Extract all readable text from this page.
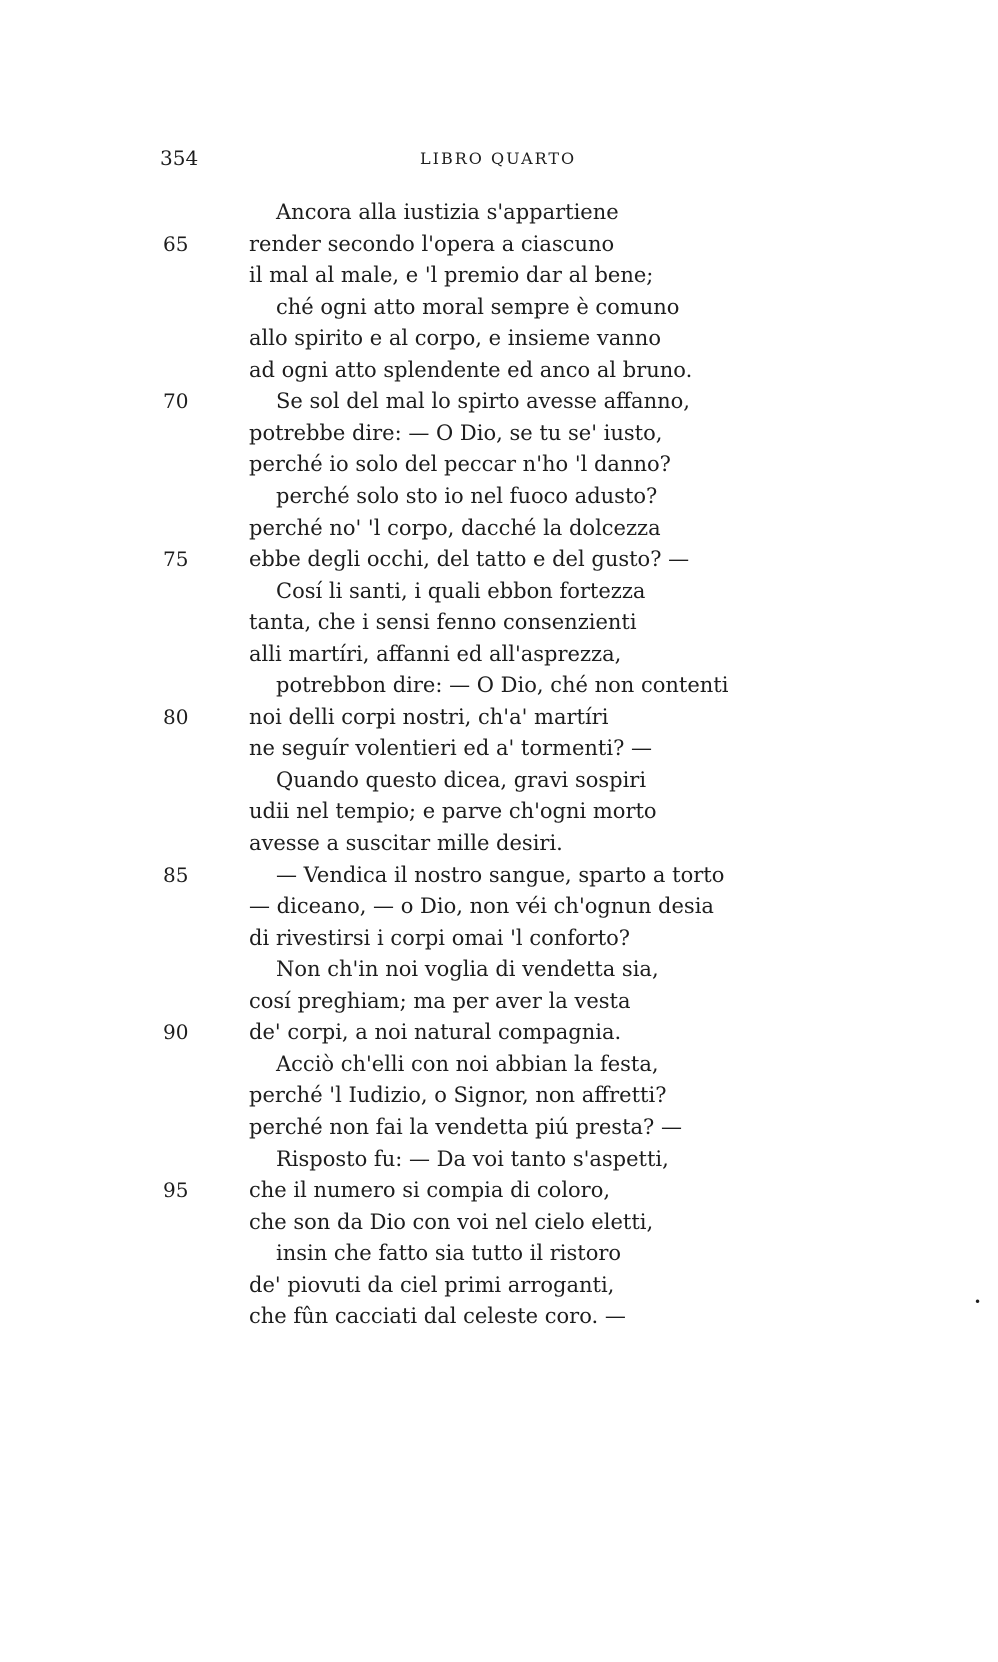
354	LIBRO QUARTO
Ancora alla iustizia s'appartiene
render secondo l'opera a ciascuno
il mal al male, e 'l premio dar al bene;
ché ogni atto moral sempre è comuno
allo spirito e al corpo, e insieme vanno
ad ogni atto splendente ed anco al bruno.
Se sol del mal lo spirto avesse affanno,
potrebbe dire: — O Dio, se tu se' iusto,
perché io solo del peccar n'ho 'l danno?
perché solo sto io nel fuoco adusto?
perché no' 'l corpo, dacché la dolcezza
ebbe degli occhi, del tatto e del gusto? —
Cosí li santi, i quali ebbon fortezza
tanta, che i sensi fenno consenzienti
alli martíri, affanni ed all'asprezza,
potrebbon dire: — O Dio, ché non contenti
noi delli corpi nostri, ch'a' martíri
ne seguír volentieri ed a' tormenti? —
Quando questo dicea, gravi sospiri
udii nel tempio; e parve ch'ogni morto
avesse a suscitar mille desiri.
— Vendica il nostro sangue, sparto a torto
— diceano, — o Dio, non véi ch'ognun desia
di rivestirsi i corpi omai 'l conforto?
Non ch'in noi voglia di vendetta sia,
cosí preghiam; ma per aver la vesta
de' corpi, a noi natural compagnia.
Acciò ch'elli con noi abbian la festa,
perché 'l Iudizio, o Signor, non affretti?
perché non fai la vendetta piú presta? —
Risposto fu: — Da voi tanto s'aspetti,
che il numero si compia di coloro,
che son da Dio con voi nel cielo eletti,
insin che fatto sia tutto il ristoro
de' piovuti da ciel primi arroganti,
che fûn cacciati dal celeste coro. —
65
70
75
80
85
90
95
•
